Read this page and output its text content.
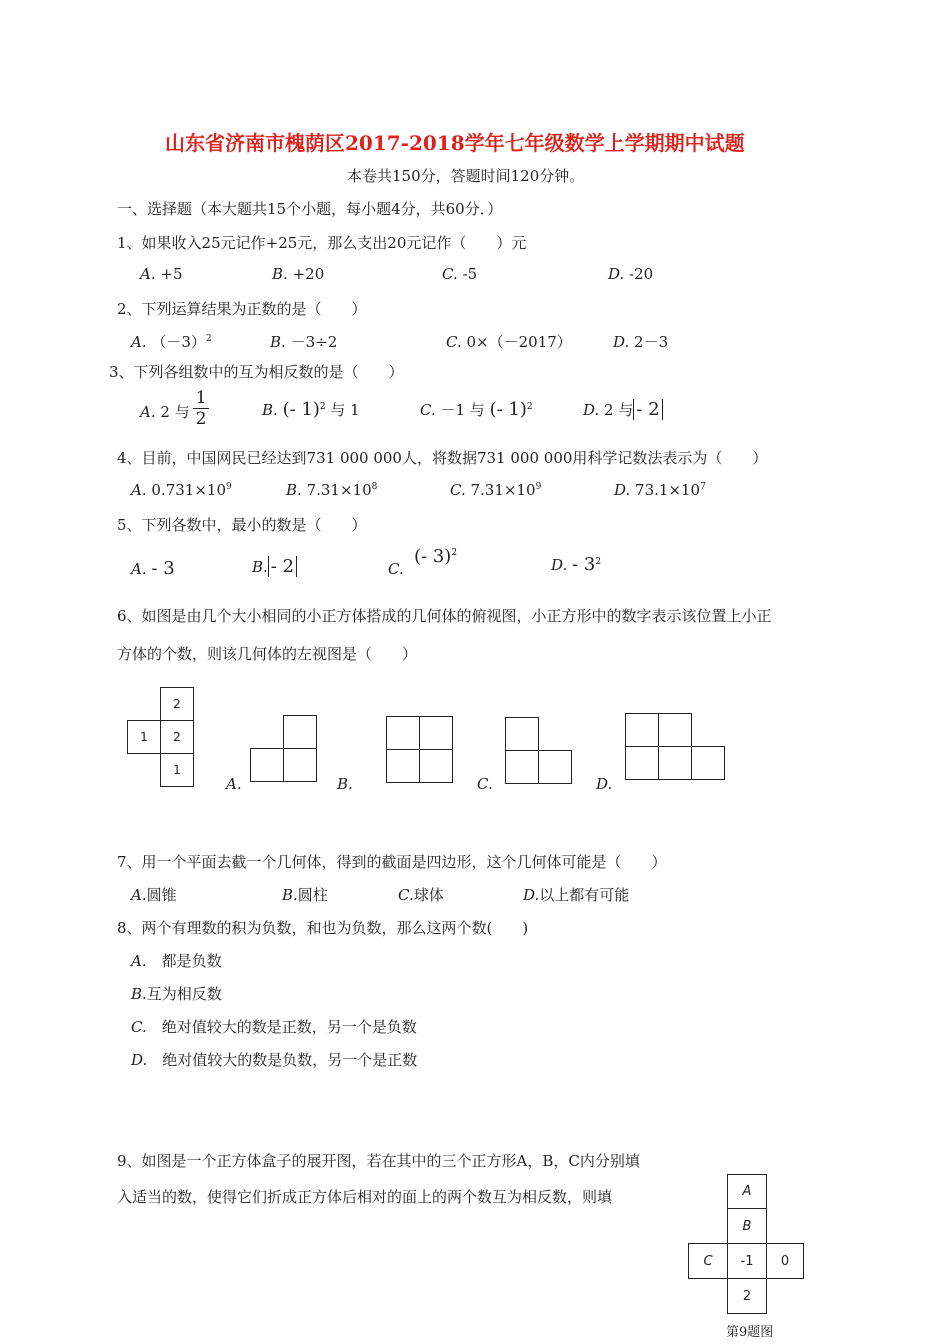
山东省济南市槐荫区2017-2018学年七年级数学上学期期中试题
本卷共150分，答题时间120分钟。
一、选择题（本大题共15个小题，每小题4分，共60分．）
1、如果收入25元记作+25元，那么支出20元记作（　　）元
A. +5	B. +20	C. -5	D. -20
2、下列运算结果为正数的是（　　）
A. $(-3)^2$	B. －3÷2	C. 0×（－2017）	D. 2－3
3、下列各组数中的互为相反数的是（　　）
A. 2 与 $\frac{1}{2}$	B. (- 1)$^2$ 与 1	C. －1 与 (- 1)$^2$	D. 2 与 - 2
4、目前，中国网民已经达到731 000 000人，将数据731 000 000用科学记数法表示为（　　）
A. $0.731\times 10^9$	B. $7.31\times 10^8$	C. $7.31\times 10^9$	D. $73.1\times 10^7$
5、下列各数中，最小的数是（　　）
A. - 3	B. - 2	C.
(- 3)$^2$
D. - $3^2$
6、如图是由几个大小相同的小正方体搭成的几何体的俯视图，小正方形中的数字表示该位置上小正
方体的个数，则该几何体的左视图是（　　）
2
1 2
1
A.	B.	C.	D.
7、用一个平面去截一个几何体，得到的截面是四边形，这个几何体可能是（　　）
A.圆锥	B.圆柱	C.球体	D.以上都有可能
8、两个有理数的积为负数，和也为负数，那么这两个数(　　)
A.　 都是负数
B.互为相反数
C.　 绝对值较大的数是正数，另一个是负数
D.　 绝对值较大的数是负数，另一个是正数
9、如图是一个正方体盒子的展开图，若在其中的三个正方形A，B，C内分别填
入适当的数，使得它们折成正方体后相对的面上的两个数互为相反数，则填	A
B
C -1 0
2
第9题图
